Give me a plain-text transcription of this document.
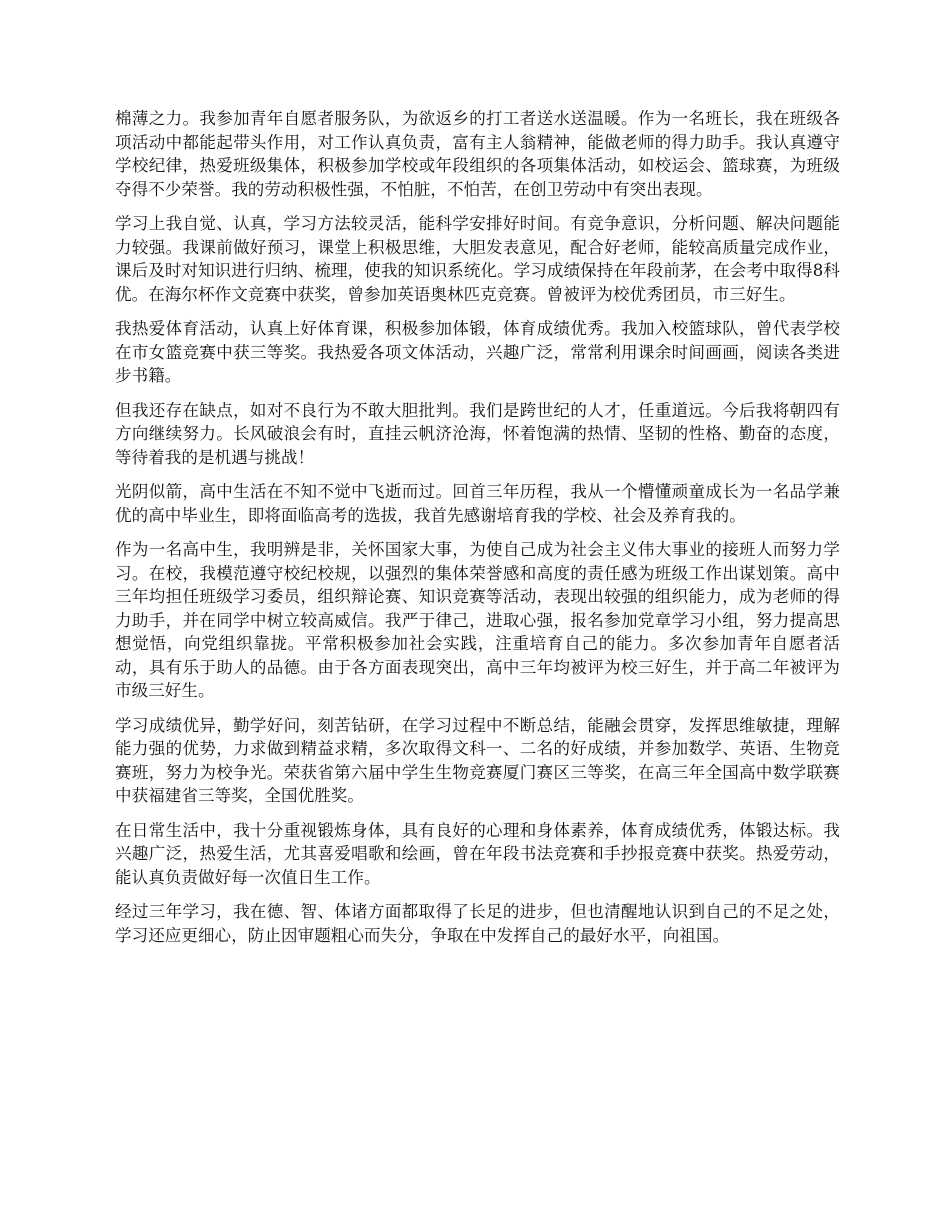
棉薄之力。我参加青年自愿者服务队，为欲返乡的打工者送水送温暖。作为一名班长，我在班级各项活动中都能起带头作用，对工作认真负责，富有主人翁精神，能做老师的得力助手。我认真遵守学校纪律，热爱班级集体，积极参加学校或年段组织的各项集体活动，如校运会、篮球赛，为班级夺得不少荣誉。我的劳动积极性强，不怕脏，不怕苦，在创卫劳动中有突出表现。

学习上我自觉、认真，学习方法较灵活，能科学安排好时间。有竞争意识，分析问题、解决问题能力较强。我课前做好预习，课堂上积极思维，大胆发表意见，配合好老师，能较高质量完成作业，课后及时对知识进行归纳、梳理，使我的知识系统化。学习成绩保持在年段前茅，在会考中取得8科优。在海尔杯作文竞赛中获奖，曾参加英语奥林匹克竞赛。曾被评为校优秀团员，市三好生。

我热爱体育活动，认真上好体育课，积极参加体锻，体育成绩优秀。我加入校篮球队，曾代表学校在市女篮竞赛中获三等奖。我热爱各项文体活动，兴趣广泛，常常利用课余时间画画，阅读各类进步书籍。

但我还存在缺点，如对不良行为不敢大胆批判。我们是跨世纪的人才，任重道远。今后我将朝四有方向继续努力。长风破浪会有时，直挂云帆济沧海，怀着饱满的热情、坚韧的性格、勤奋的态度，等待着我的是机遇与挑战！

光阴似箭，高中生活在不知不觉中飞逝而过。回首三年历程，我从一个懵懂顽童成长为一名品学兼优的高中毕业生，即将面临高考的选拔，我首先感谢培育我的学校、社会及养育我的。

作为一名高中生，我明辨是非，关怀国家大事，为使自己成为社会主义伟大事业的接班人而努力学习。在校，我模范遵守校纪校规，以强烈的集体荣誉感和高度的责任感为班级工作出谋划策。高中三年均担任班级学习委员，组织辩论赛、知识竞赛等活动，表现出较强的组织能力，成为老师的得力助手，并在同学中树立较高威信。我严于律己，进取心强，报名参加党章学习小组，努力提高思想觉悟，向党组织靠拢。平常积极参加社会实践，注重培育自己的能力。多次参加青年自愿者活动，具有乐于助人的品德。由于各方面表现突出，高中三年均被评为校三好生，并于高二年被评为市级三好生。

学习成绩优异，勤学好问，刻苦钻研，在学习过程中不断总结，能融会贯穿，发挥思维敏捷，理解能力强的优势，力求做到精益求精，多次取得文科一、二名的好成绩，并参加数学、英语、生物竞赛班，努力为校争光。荣获省第六届中学生生物竞赛厦门赛区三等奖，在高三年全国高中数学联赛中获福建省三等奖，全国优胜奖。

在日常生活中，我十分重视锻炼身体，具有良好的心理和身体素养，体育成绩优秀，体锻达标。我兴趣广泛，热爱生活，尤其喜爱唱歌和绘画，曾在年段书法竞赛和手抄报竞赛中获奖。热爱劳动，能认真负责做好每一次值日生工作。

经过三年学习，我在德、智、体诸方面都取得了长足的进步，但也清醒地认识到自己的不足之处，学习还应更细心，防止因审题粗心而失分，争取在中发挥自己的最好水平，向祖国。
